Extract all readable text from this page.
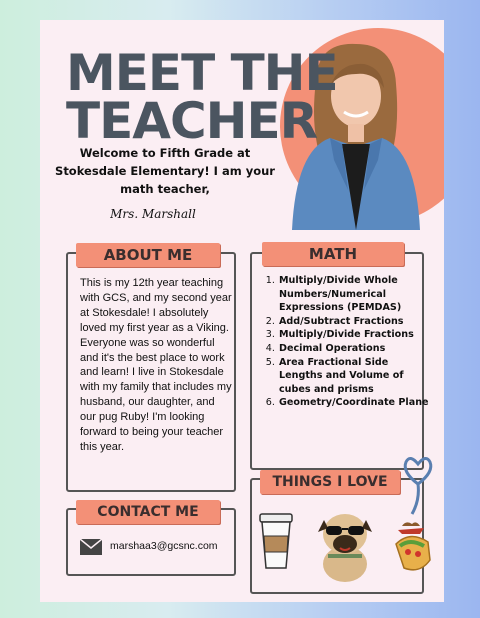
MEET THE
TEACHER
Welcome to Fifth Grade at Stokesdale Elementary! I am your math teacher,
Mrs. Marshall
ABOUT ME
This is my 12th year teaching with GCS, and my second year at Stokesdale! I absolutely loved my first year as a Viking. Everyone was so wonderful and it's the best place to work and learn! I live in Stokesdale with my family that includes my husband, our daughter, and our pug Ruby! I'm looking forward to being your teacher this year.
MATH
1. Multiply/Divide Whole Numbers/Numerical Expressions (PEMDAS)
2. Add/Subtract Fractions
3. Multiply/Divide Fractions
4. Decimal Operations
5. Area Fractional Side Lengths and Volume of cubes and prisms
6. Geometry/Coordinate Plane
THINGS I LOVE
CONTACT ME
marshaa3@gcsnc.com
